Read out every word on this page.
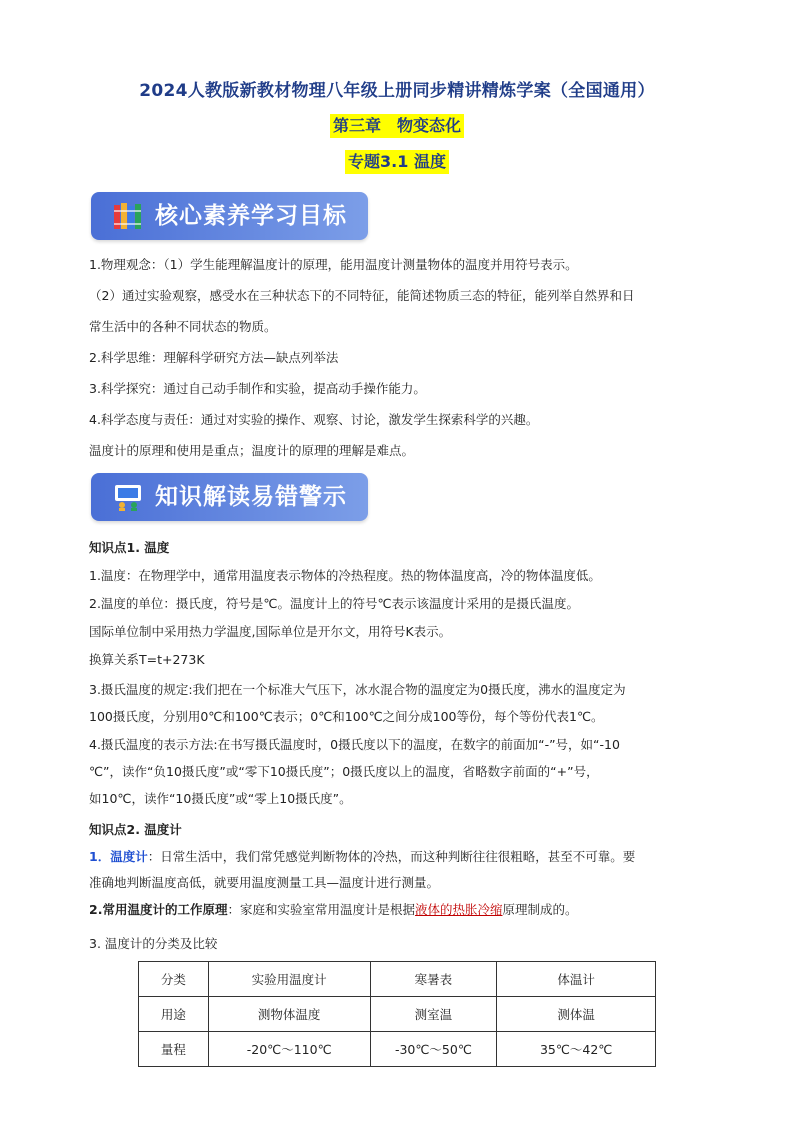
2024人教版新教材物理八年级上册同步精讲精炼学案（全国通用）
第三章　物变态化
专题3.1 温度
核心素养学习目标
1.物理观念：（1）学生能理解温度计的原理，能用温度计测量物体的温度并用符号表示。
（2）通过实验观察，感受水在三种状态下的不同特征，能简述物质三态的特征，能列举自然界和日
常生活中的各种不同状态的物质。
2.科学思维：理解科学研究方法—缺点列举法
3.科学探究：通过自己动手制作和实验，提高动手操作能力。
4.科学态度与责任：通过对实验的操作、观察、讨论，激发学生探索科学的兴趣。
温度计的原理和使用是重点；温度计的原理的理解是难点。
知识解读易错警示
知识点1. 温度
1.温度：在物理学中，通常用温度表示物体的冷热程度。热的物体温度高，冷的物体温度低。
2.温度的单位：摄氏度，符号是℃。温度计上的符号℃表示该温度计采用的是摄氏温度。
国际单位制中采用热力学温度,国际单位是开尔文，用符号K表示。
换算关系T=t+273K
3.摄氏温度的规定:我们把在一个标准大气压下，冰水混合物的温度定为0摄氏度，沸水的温度定为
100摄氏度，分别用0℃和100℃表示；0℃和100℃之间分成100等份，每个等份代表1℃。
4.摄氏温度的表示方法:在书写摄氏温度时，0摄氏度以下的温度，在数字的前面加“-”号，如“-10
℃”，读作“负10摄氏度”或“零下10摄氏度”；0摄氏度以上的温度，省略数字前面的“+”号，
如10℃，读作“10摄氏度”或“零上10摄氏度”。
知识点2. 温度计
1．温度计：日常生活中，我们常凭感觉判断物体的冷热，而这种判断往往很粗略，甚至不可靠。要
准确地判断温度高低，就要用温度测量工具—温度计进行测量。
2.常用温度计的工作原理：家庭和实验室常用温度计是根据液体的热胀冷缩原理制成的。
3. 温度计的分类及比较
分类	实验用温度计	寒暑表	体温计
用途	测物体温度	测室温	测体温
量程	-20℃～110℃	-30℃～50℃	35℃～42℃
